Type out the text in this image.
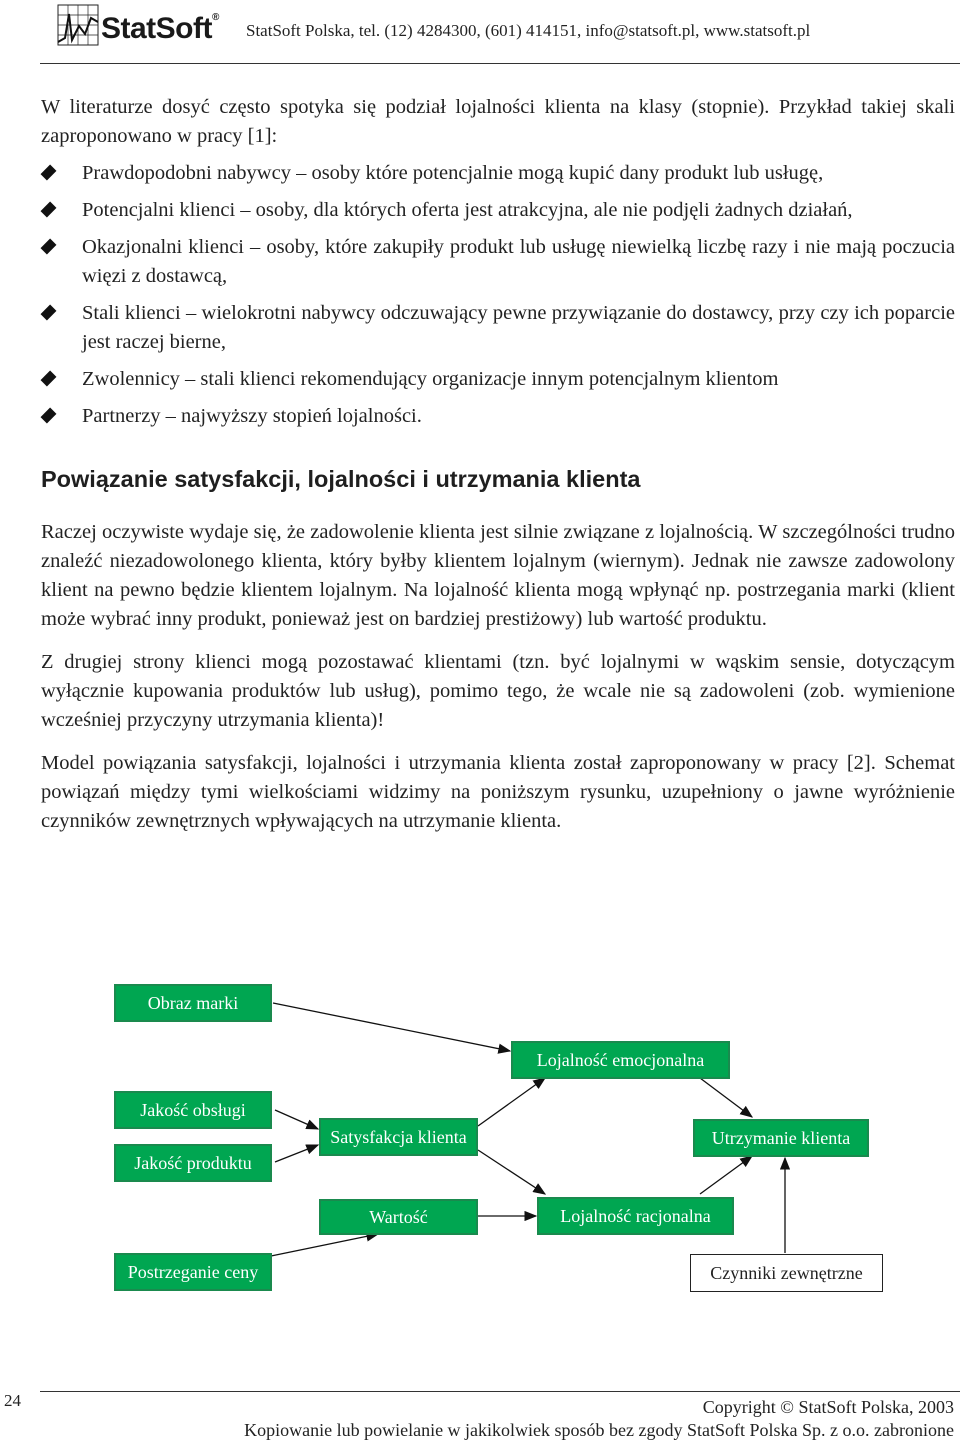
StatSoft®
StatSoft Polska, tel. (12) 4284300, (601) 414151, info@statsoft.pl, www.statsoft.pl

W literaturze dosyć często spotyka się podział lojalności klienta na klasy (stopnie). Przykład takiej skali zaproponowano w pracy [1]:

Prawdopodobni nabywcy – osoby które potencjalnie mogą kupić dany produkt lub usługę,
Potencjalni klienci – osoby, dla których oferta jest atrakcyjna, ale nie podjęli żadnych działań,
Okazjonalni klienci – osoby, które zakupiły produkt lub usługę niewielką liczbę razy i nie mają poczucia więzi z dostawcą,
Stali klienci – wielokrotni nabywcy odczuwający pewne przywiązanie do dostawcy, przy czy ich poparcie jest raczej bierne,
Zwolennicy – stali klienci rekomendujący organizacje innym potencjalnym klientom
Partnerzy – najwyższy stopień lojalności.
Powiązanie satysfakcji, lojalności i utrzymania klienta

Raczej oczywiste wydaje się, że zadowolenie klienta jest silnie związane z lojalnością. W szczególności trudno znaleźć niezadowolonego klienta, który byłby klientem lojalnym (wiernym). Jednak nie zawsze zadowolony klient na pewno będzie klientem lojalnym. Na lojalność klienta mogą wpłynąć np. postrzegania marki (klient może wybrać inny produkt, ponieważ jest on bardziej prestiżowy) lub wartość produktu.

Z drugiej strony klienci mogą pozostawać klientami (tzn. być lojalnymi w wąskim sensie, dotyczącym wyłącznie kupowania produktów lub usług), pomimo tego, że wcale nie są zadowoleni (zob. wymienione wcześniej przyczyny utrzymania klienta)!

Model powiązania satysfakcji, lojalności i utrzymania klienta został zaproponowany w pracy [2]. Schemat powiązań między tymi wielkościami widzimy na poniższym rysunku, uzupełniony o jawne wyróżnienie czynników zewnętrznych wpływających na utrzymanie klienta.

Obraz marki
Lojalność emocjonalna
Jakość obsługi
Jakość produktu
Satysfakcja klienta	Utrzymanie klienta
Wartość	Lojalność racjonalna
Postrzeganie ceny	Czynniki zewnętrzne
24	Copyright © StatSoft Polska, 2003
Kopiowanie lub powielanie w jakikolwiek sposób bez zgody StatSoft Polska Sp. z o.o. zabronione
